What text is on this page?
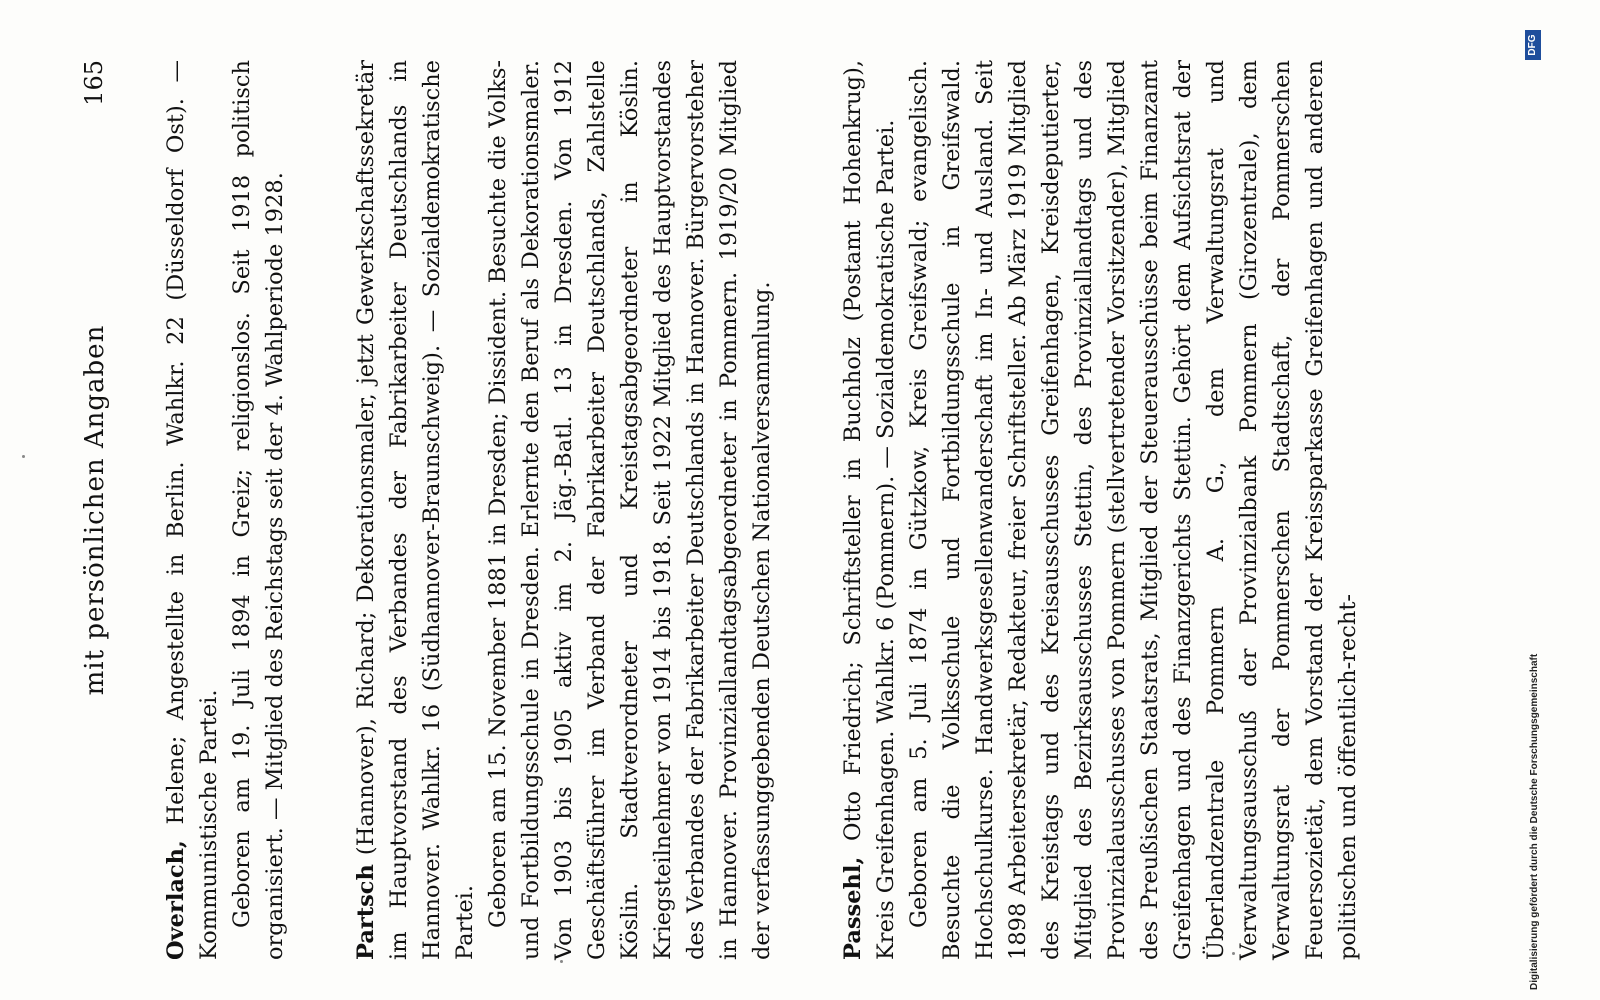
mit persönlichen Angaben
165

Overlach, Helene; Angestellte in Berlin. Wahlkr. 22 (Düsseldorf Ost). — Kommunistische Partei. Geboren am 19. Juli 1894 in Greiz; religionslos. Seit 1918 politisch organisiert. — Mitglied des Reichstags seit der 4. Wahlperiode 1928.	Partsch (Hannover), Richard; Dekorationsmaler, jetzt Gewerkschaftssekretär im Hauptvorstand des Verbandes der Fabrikarbeiter Deutschlands in Hannover. Wahlkr. 16 (Südhannover-Braunschweig). — Sozialdemokratische Partei. Geboren am 15. November 1881 in Dresden; Dissident. Besuchte die Volks- und Fortbildungsschule in Dresden. Erlernte den Beruf als Dekorationsmaler. Von 1903 bis 1905 aktiv im 2. Jäg.-Batl. 13 in Dresden. Von 1912 Geschäftsführer im Verband der Fabrikarbeiter Deutschlands, Zahlstelle Köslin. Stadtverordneter und Kreistagsabgeordneter in Köslin. Kriegsteilnehmer von 1914 bis 1918. Seit 1922 Mitglied des Hauptvorstandes des Verbandes der Fabrikarbeiter Deutschlands in Hannover. Bürgervorsteher in Hannover. Provinziallandtagsabgeordneter in Pommern. 1919/20 Mitglied der verfassunggebenden Deutschen Nationalversammlung.	Passehl, Otto Friedrich; Schriftsteller in Buchholz (Postamt Hohenkrug), Kreis Greifenhagen. Wahlkr. 6 (Pommern). — Sozialdemokratische Partei. Geboren am 5. Juli 1874 in Gützkow, Kreis Greifswald; evangelisch. Besuchte die Volksschule und Fortbildungsschule in Greifswald. Hochschulkurse. Handwerksgesellenwanderschaft im In- und Ausland. Seit 1898 Arbeitersekretär, Redakteur, freier Schriftsteller. Ab März 1919 Mitglied des Kreistags und des Kreisausschusses Greifenhagen, Kreisdeputierter, Mitglied des Bezirksausschusses Stettin, des Provinziallandtags und des Provinzialausschusses von Pommern (stellvertretender Vorsitzender), Mitglied des Preußischen Staatsrats, Mitglied der Steuerausschüsse beim Finanzamt Greifenhagen und des Finanzgerichts Stettin. Gehört dem Aufsichtsrat der Überlandzentrale Pommern A. G., dem Verwaltungsrat und Verwaltungsausschuß der Provinzialbank Pommern (Girozentrale), dem Verwaltungsrat der Pommerschen Stadtschaft, der Pommerschen Feuersozietät, dem Vorstand der Kreissparkasse Greifenhagen und anderen politischen und öffentlich-recht-	Digitalisierung gefördert durch die Deutsche Forschungsgemeinschaft
DFG
